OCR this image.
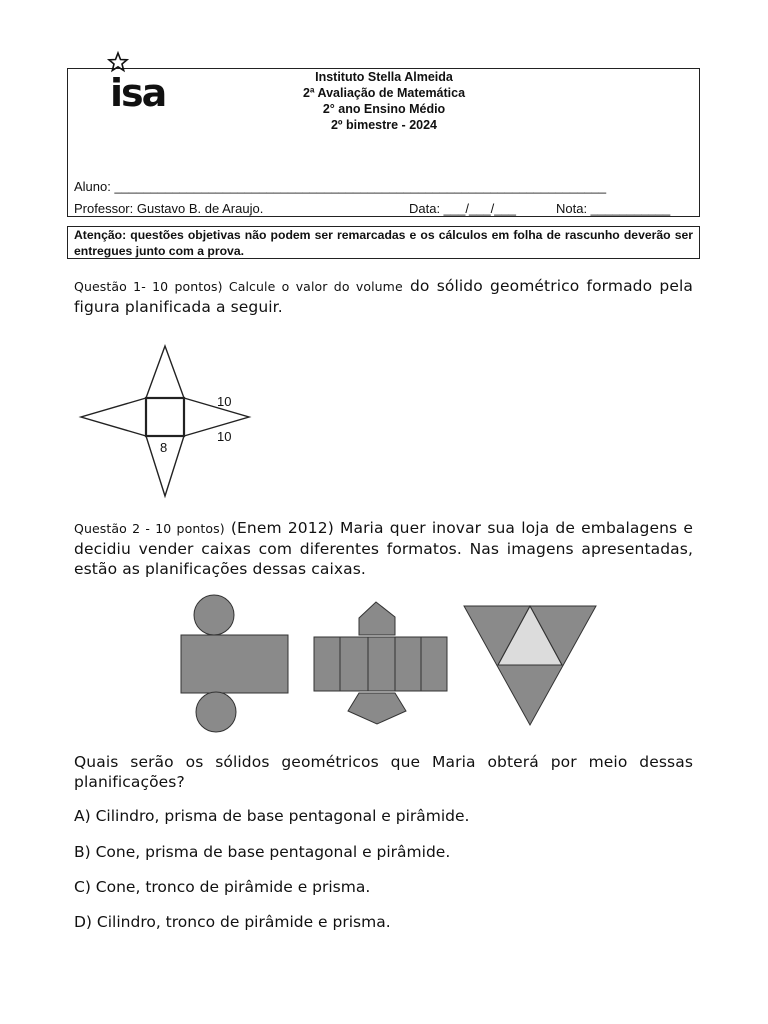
isa	Instituto Stella Almeida
2ª Avaliação de Matemática
2° ano Ensino Médio
2º bimestre - 2024
Aluno: ____________________________________________________________________
Professor: Gustavo B. de Araujo.	Data: ___/___/___	Nota: ___________
Atenção: questões objetivas não podem ser remarcadas e os cálculos em folha de rascunho deverão ser entregues junto com a prova.
Questão 1- 10 pontos) Calcule o valor do volume do sólido geométrico formado pela figura planificada a seguir.
10
10
8
Questão 2 - 10 pontos) (Enem 2012) Maria quer inovar sua loja de embalagens e decidiu vender caixas com diferentes formatos. Nas imagens apresentadas, estão as planificações dessas caixas.
Quais serão os sólidos geométricos que Maria obterá por meio dessas planificações?
A) Cilindro, prisma de base pentagonal e pirâmide.
B) Cone, prisma de base pentagonal e pirâmide.
C) Cone, tronco de pirâmide e prisma.
D) Cilindro, tronco de pirâmide e prisma.
